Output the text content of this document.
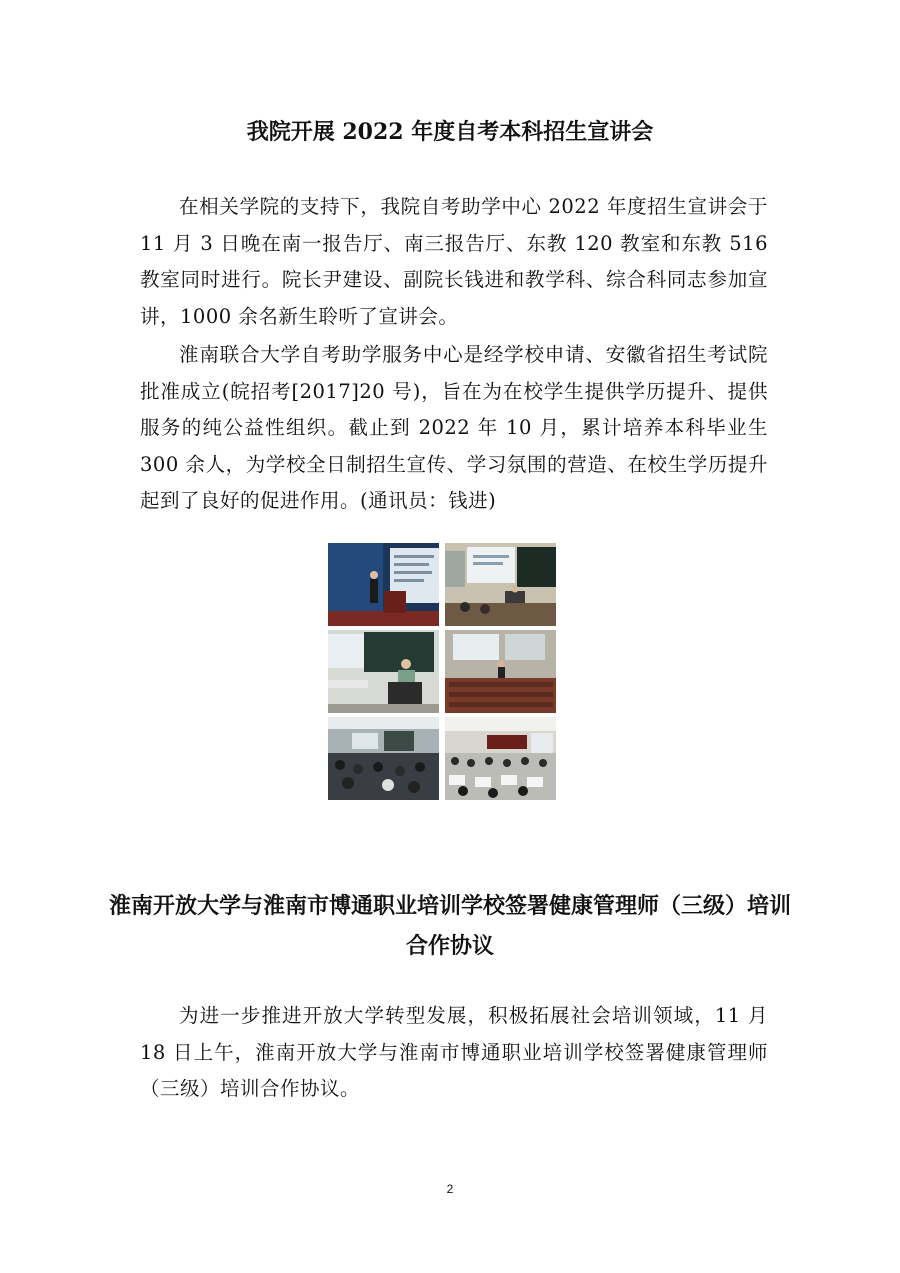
我院开展 2022 年度自考本科招生宣讲会

在相关学院的支持下，我院自考助学中心 2022 年度招生宣讲会于 11 月 3 日晚在南一报告厅、南三报告厅、东教 120 教室和东教 516 教室同时进行。院长尹建设、副院长钱进和教学科、综合科同志参加宣讲，1000 余名新生聆听了宣讲会。

淮南联合大学自考助学服务中心是经学校申请、安徽省招生考试院批准成立(皖招考[2017]20 号)，旨在为在校学生提供学历提升、提供服务的纯公益性组织。截止到 2022 年 10 月，累计培养本科毕业生 300 余人，为学校全日制招生宣传、学习氛围的营造、在校生学历提升起到了良好的促进作用。(通讯员：钱进)

淮南开放大学与淮南市博通职业培训学校签署健康管理师（三级）培训合作协议

为进一步推进开放大学转型发展，积极拓展社会培训领域，11 月 18 日上午，淮南开放大学与淮南市博通职业培训学校签署健康管理师（三级）培训合作协议。

2
